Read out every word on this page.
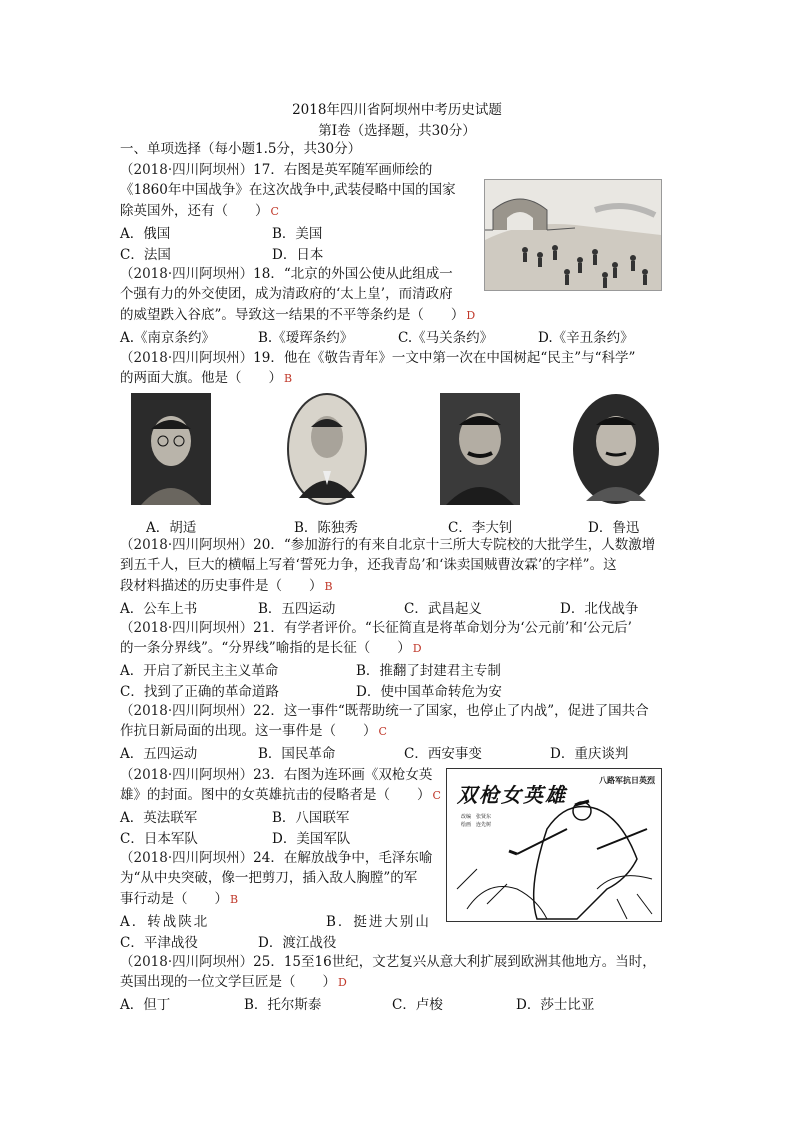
2018年四川省阿坝州中考历史试题
第Ⅰ卷（选择题，共30分）
一、单项选择（每小题1.5分，共30分）
（2018·四川阿坝州）17．右图是英军随军画师绘的
《1860年中国战争》在这次战争中,武装侵略中国的国家
除英国外，还有（　　） C
A．俄国	B．美国
C．法国	D．日本
（2018·四川阿坝州）18．“北京的外国公使从此组成一
个强有力的外交使团，成为清政府的‘太上皇’，而清政府
的威望跌入谷底”。导致这一结果的不平等条约是（　　） D
A.《南京条约》	B.《瑷珲条约》	C.《马关条约》	D.《辛丑条约》
（2018·四川阿坝州）19．他在《敬告青年》一文中第一次在中国树起“民主”与“科学”
的两面大旗。他是（　　） B
A．胡适	B．陈独秀	C．李大钊	D．鲁迅
（2018·四川阿坝州）20．“参加游行的有来自北京十三所大专院校的大批学生，人数激增
到五千人，巨大的横幅上写着‘誓死力争，还我青岛’和‘诛卖国贼曹汝霖’的字样”。这
段材料描述的历史事件是（　　） B
A．公车上书	B．五四运动	C．武昌起义	D．北伐战争
（2018·四川阿坝州）21．有学者评价。“长征简直是将革命划分为‘公元前’和‘公元后’
的一条分界线”。“分界线”喻指的是长征（　　） D
A．开启了新民主主义革命	B．推翻了封建君主专制
C．找到了正确的革命道路	D．使中国革命转危为安
（2018·四川阿坝州）22．这一事件“既帮助统一了国家，也停止了内战”，促进了国共合
作抗日新局面的出现。这一事件是（　　） C
A．五四运动	B．国民革命	C．西安事变	D．重庆谈判
（2018·四川阿坝州）23．右图为连环画《双枪女英
雄》的封面。图中的女英雄抗击的侵略者是（　　） C
A．英法联军	B．八国联军
C．日本军队	D．美国军队
双枪女英雄
八路军抗日英烈
改编　张贤东
绘画　连先树
（2018·四川阿坝州）24．在解放战争中，毛泽东喻
为“从中央突破，像一把剪刀，插入敌人胸膛”的军
事行动是（　　） B
A．转战陕北	B．挺进大别山
C．平津战役	D．渡江战役
（2018·四川阿坝州）25．15至16世纪，文艺复兴从意大利扩展到欧洲其他地方。当时，
英国出现的一位文学巨匠是（　　） D
A．但丁	B．托尔斯泰	C．卢梭	D．莎士比亚
